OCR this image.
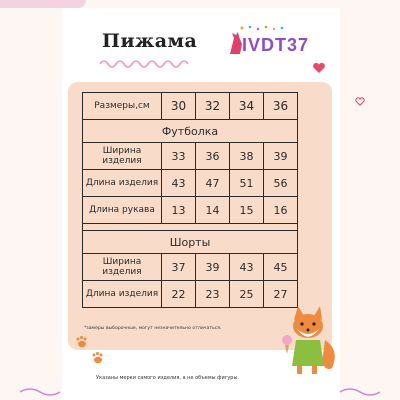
Пижама IVDT37
Размеры,см	30	32	34	36
Футболка				
Ширина изделия	33	36	38	39
Длина изделия	43	47	51	56
Длина рукава	13	14	15	16

Шорты				
Ширина изделия	37	39	43	45
Длина изделия	22	23	25	27
*замеры выборочные, могут незначительно отличаться.
Указаны мерки самого изделия, а не объемы фигуры.
